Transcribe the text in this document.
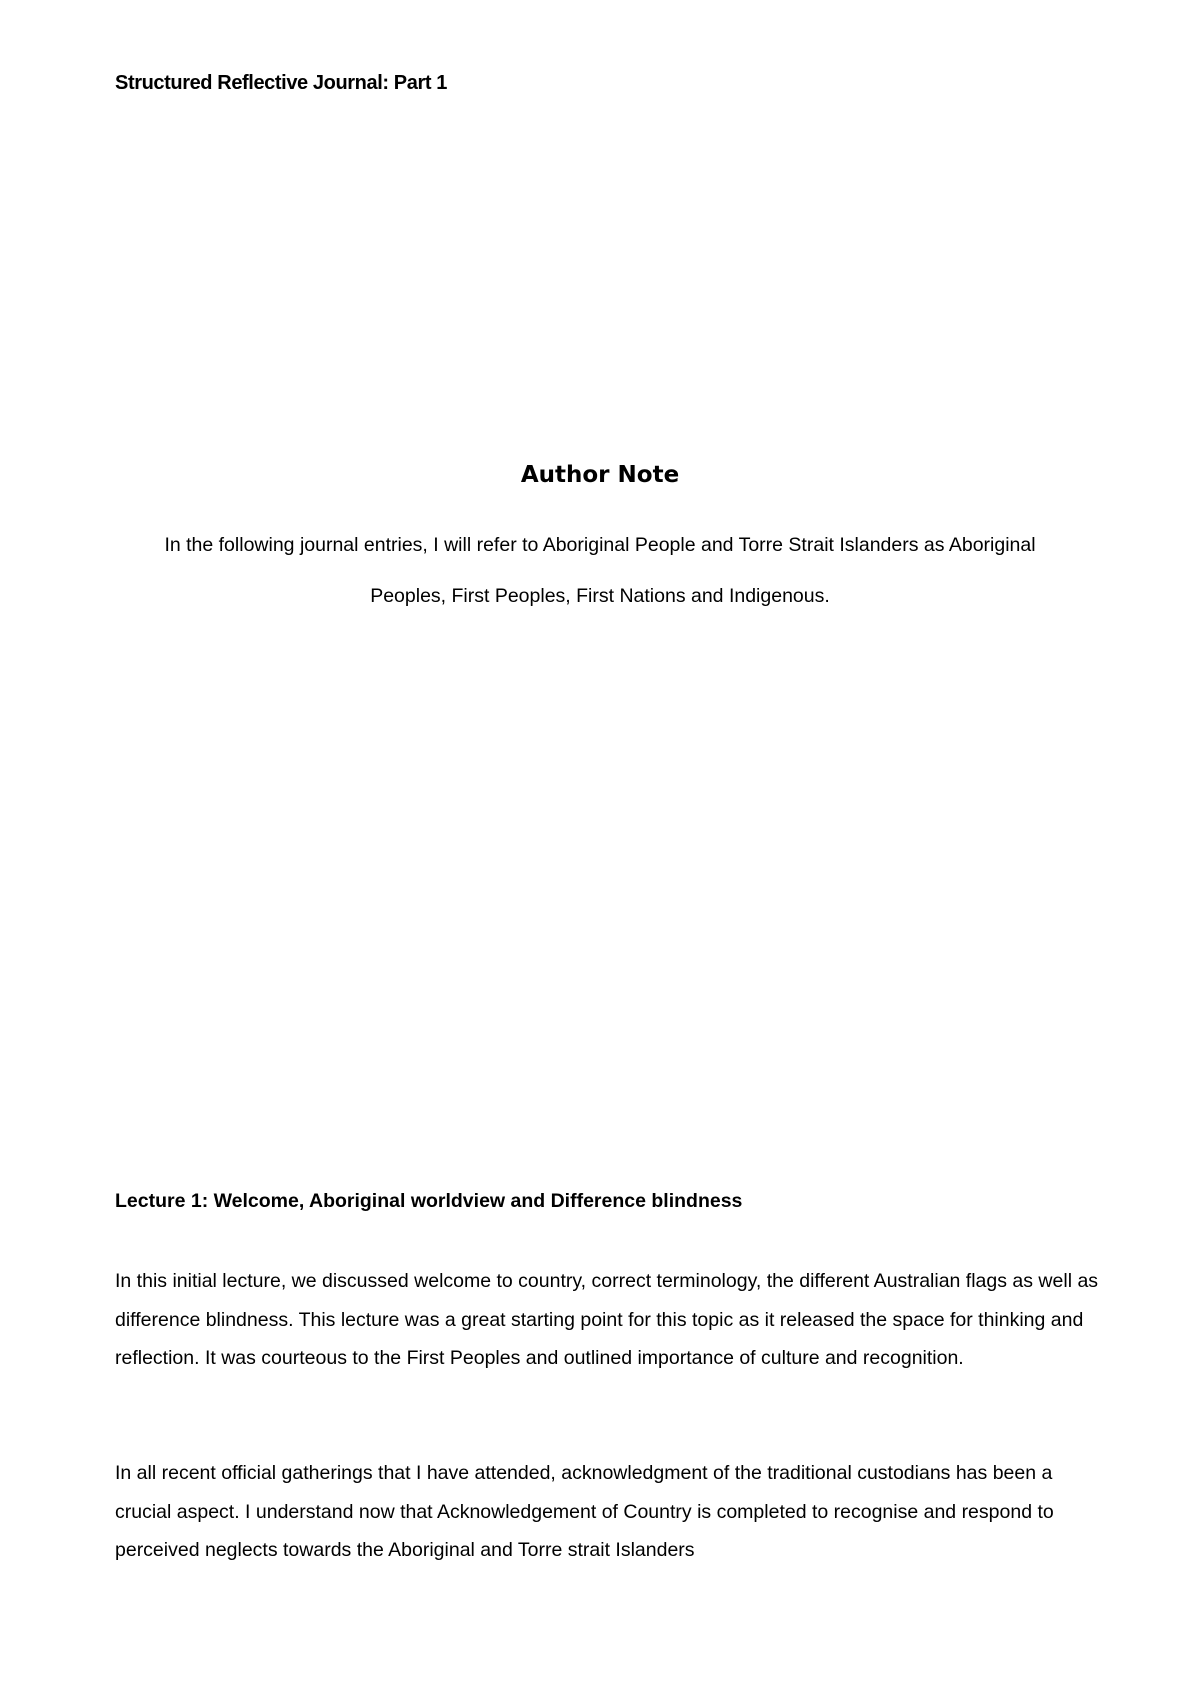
Structured Reflective Journal: Part 1
Author Note

In the following journal entries, I will refer to Aboriginal People and Torre Strait Islanders as Aboriginal Peoples, First Peoples, First Nations and Indigenous.

Lecture 1: Welcome, Aboriginal worldview and Difference blindness

In this initial lecture, we discussed welcome to country, correct terminology, the different Australian flags as well as difference blindness. This lecture was a great starting point for this topic as it released the space for thinking and reflection. It was courteous to the First Peoples and outlined importance of culture and recognition.

In all recent official gatherings that I have attended, acknowledgment of the traditional custodians has been a crucial aspect. I understand now that Acknowledgement of Country is completed to recognise and respond to perceived neglects towards the Aboriginal and Torre strait Islanders
